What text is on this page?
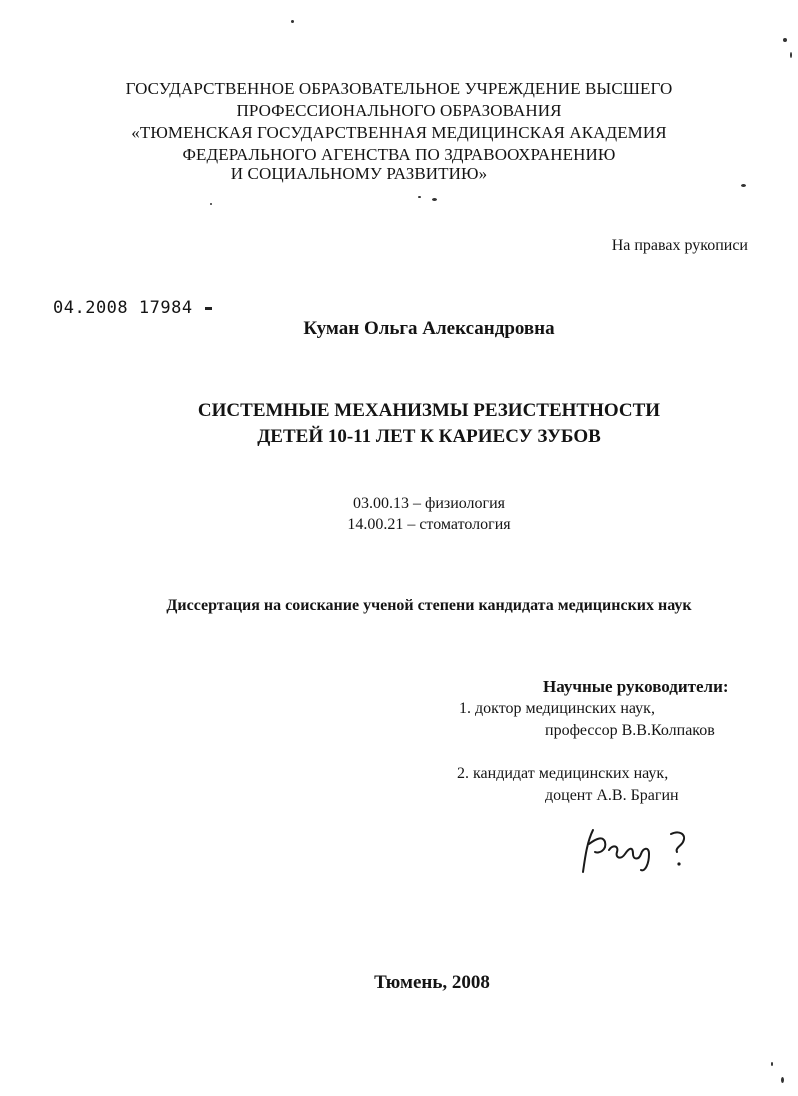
ГОСУДАРСТВЕННОЕ ОБРАЗОВАТЕЛЬНОЕ УЧРЕЖДЕНИЕ ВЫСШЕГО
ПРОФЕССИОНАЛЬНОГО ОБРАЗОВАНИЯ
«ТЮМЕНСКАЯ ГОСУДАРСТВЕННАЯ МЕДИЦИНСКАЯ АКАДЕМИЯ
ФЕДЕРАЛЬНОГО АГЕНСТВА ПО ЗДРАВООХРАНЕНИЮ
И СОЦИАЛЬНОМУ РАЗВИТИЮ»
На правах рукописи
04.2008 17984
Куман Ольга Александровна
СИСТЕМНЫЕ МЕХАНИЗМЫ РЕЗИСТЕНТНОСТИ
ДЕТЕЙ 10-11 ЛЕТ К КАРИЕСУ ЗУБОВ
03.00.13 – физиология
14.00.21 – стоматология
Диссертация на соискание ученой степени кандидата медицинских наук
Научные руководители:
1. доктор медицинских наук,
профессор В.В.Колпаков
2. кандидат медицинских наук,
доцент А.В. Брагин
Тюмень, 2008
